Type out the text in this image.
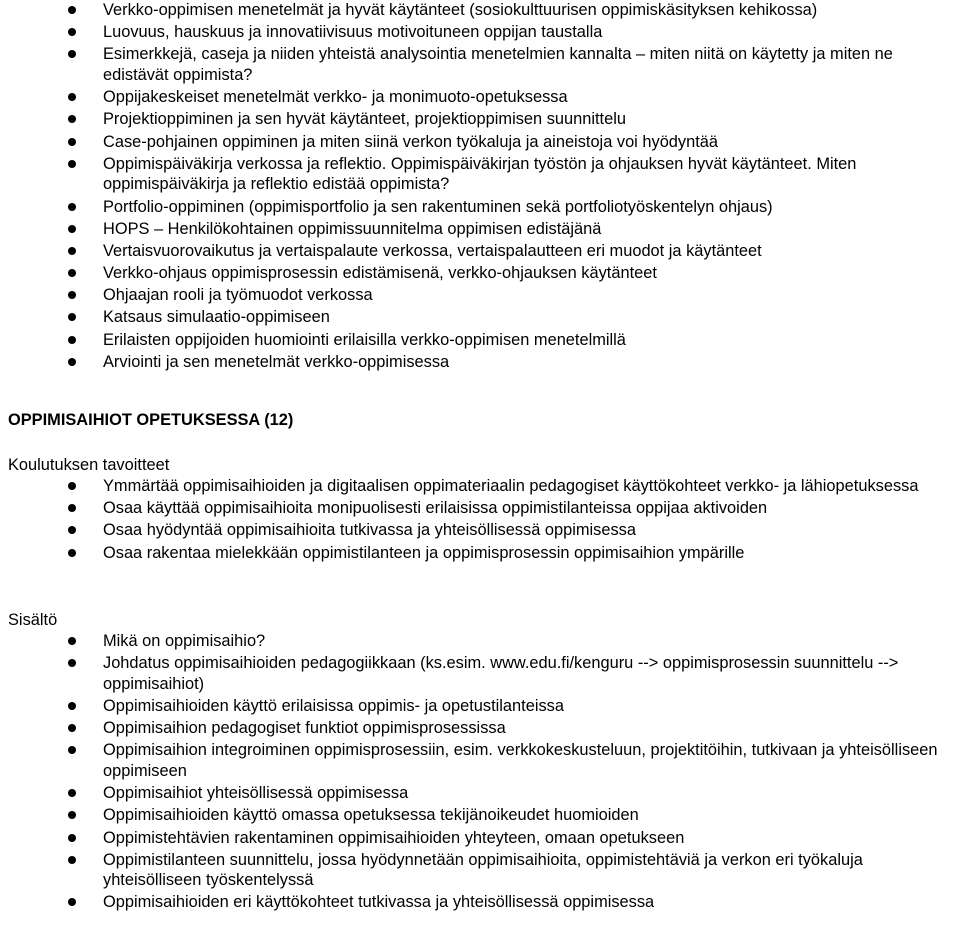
Verkko-oppimisen menetelmät ja hyvät käytänteet (sosiokulttuurisen oppimiskäsityksen kehikossa)
Luovuus, hauskuus ja innovatiivisuus motivoituneen oppijan taustalla
Esimerkkejä, caseja ja niiden yhteistä analysointia menetelmien kannalta – miten niitä on käytetty ja miten ne edistävät oppimista?
Oppijakeskeiset menetelmät verkko- ja monimuoto-opetuksessa
Projektioppiminen ja sen hyvät käytänteet, projektioppimisen suunnittelu
Case-pohjainen oppiminen ja miten siinä verkon työkaluja ja aineistoja voi hyödyntää
Oppimispäiväkirja verkossa ja reflektio. Oppimispäiväkirjan työstön ja ohjauksen hyvät käytänteet. Miten oppimispäiväkirja ja reflektio edistää oppimista?
Portfolio-oppiminen (oppimisportfolio ja sen rakentuminen sekä portfoliotyöskentelyn ohjaus)
HOPS – Henkilökohtainen oppimissuunnitelma oppimisen edistäjänä
Vertaisvuorovaikutus ja vertaispalaute verkossa, vertaispalautteen eri muodot ja käytänteet
Verkko-ohjaus oppimisprosessin edistämisenä, verkko-ohjauksen käytänteet
Ohjaajan rooli ja työmuodot verkossa
Katsaus simulaatio-oppimiseen
Erilaisten oppijoiden huomiointi erilaisilla verkko-oppimisen menetelmillä
Arviointi ja sen menetelmät verkko-oppimisessa
OPPIMISAIHIOT OPETUKSESSA (12)
Koulutuksen tavoitteet
Ymmärtää oppimisaihioiden ja digitaalisen oppimateriaalin pedagogiset käyttökohteet verkko- ja lähiopetuksessa
Osaa käyttää oppimisaihioita monipuolisesti erilaisissa oppimistilanteissa oppijaa aktivoiden
Osaa hyödyntää oppimisaihioita tutkivassa ja yhteisöllisessä oppimisessa
Osaa rakentaa mielekkään oppimistilanteen ja oppimisprosessin oppimisaihion ympärille
Sisältö
Mikä on oppimisaihio?
Johdatus oppimisaihioiden pedagogiikkaan (ks.esim. www.edu.fi/kenguru --> oppimisprosessin suunnittelu --> oppimisaihiot)
Oppimisaihioiden käyttö erilaisissa oppimis- ja opetustilanteissa
Oppimisaihion pedagogiset funktiot oppimisprosessissa
Oppimisaihion integroiminen oppimisprosessiin, esim. verkkokeskusteluun, projektitöihin, tutkivaan ja yhteisölliseen oppimiseen
Oppimisaihiot yhteisöllisessä oppimisessa
Oppimisaihioiden käyttö omassa opetuksessa tekijänoikeudet huomioiden
Oppimistehtävien rakentaminen oppimisaihioiden yhteyteen, omaan opetukseen
Oppimistilanteen suunnittelu, jossa hyödynnetään oppimisaihioita, oppimistehtäviä ja verkon eri työkaluja yhteisölliseen työskentelyssä
Oppimisaihioiden eri käyttökohteet tutkivassa ja yhteisöllisessä oppimisessa
